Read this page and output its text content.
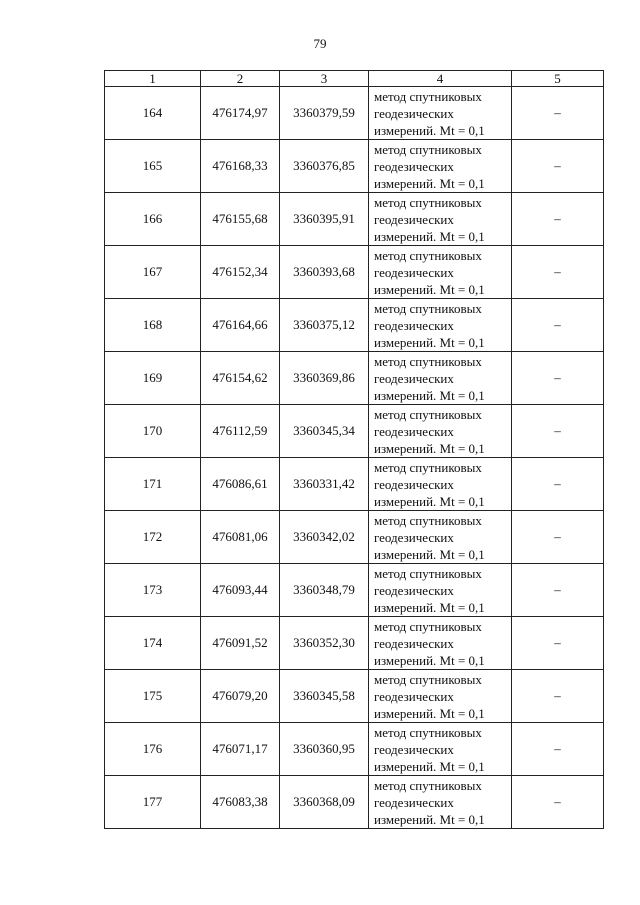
79
1	2	3	4	5
164	476174,97	3360379,59	метод спутниковых
геодезических
измерений. Mt = 0,1	–
165	476168,33	3360376,85	метод спутниковых
геодезических
измерений. Mt = 0,1	–
166	476155,68	3360395,91	метод спутниковых
геодезических
измерений. Mt = 0,1	–
167	476152,34	3360393,68	метод спутниковых
геодезических
измерений. Mt = 0,1	–
168	476164,66	3360375,12	метод спутниковых
геодезических
измерений. Mt = 0,1	–
169	476154,62	3360369,86	метод спутниковых
геодезических
измерений. Mt = 0,1	–
170	476112,59	3360345,34	метод спутниковых
геодезических
измерений. Mt = 0,1	–
171	476086,61	3360331,42	метод спутниковых
геодезических
измерений. Mt = 0,1	–
172	476081,06	3360342,02	метод спутниковых
геодезических
измерений. Mt = 0,1	–
173	476093,44	3360348,79	метод спутниковых
геодезических
измерений. Mt = 0,1	–
174	476091,52	3360352,30	метод спутниковых
геодезических
измерений. Mt = 0,1	–
175	476079,20	3360345,58	метод спутниковых
геодезических
измерений. Mt = 0,1	–
176	476071,17	3360360,95	метод спутниковых
геодезических
измерений. Mt = 0,1	–
177	476083,38	3360368,09	метод спутниковых
геодезических
измерений. Mt = 0,1	–
